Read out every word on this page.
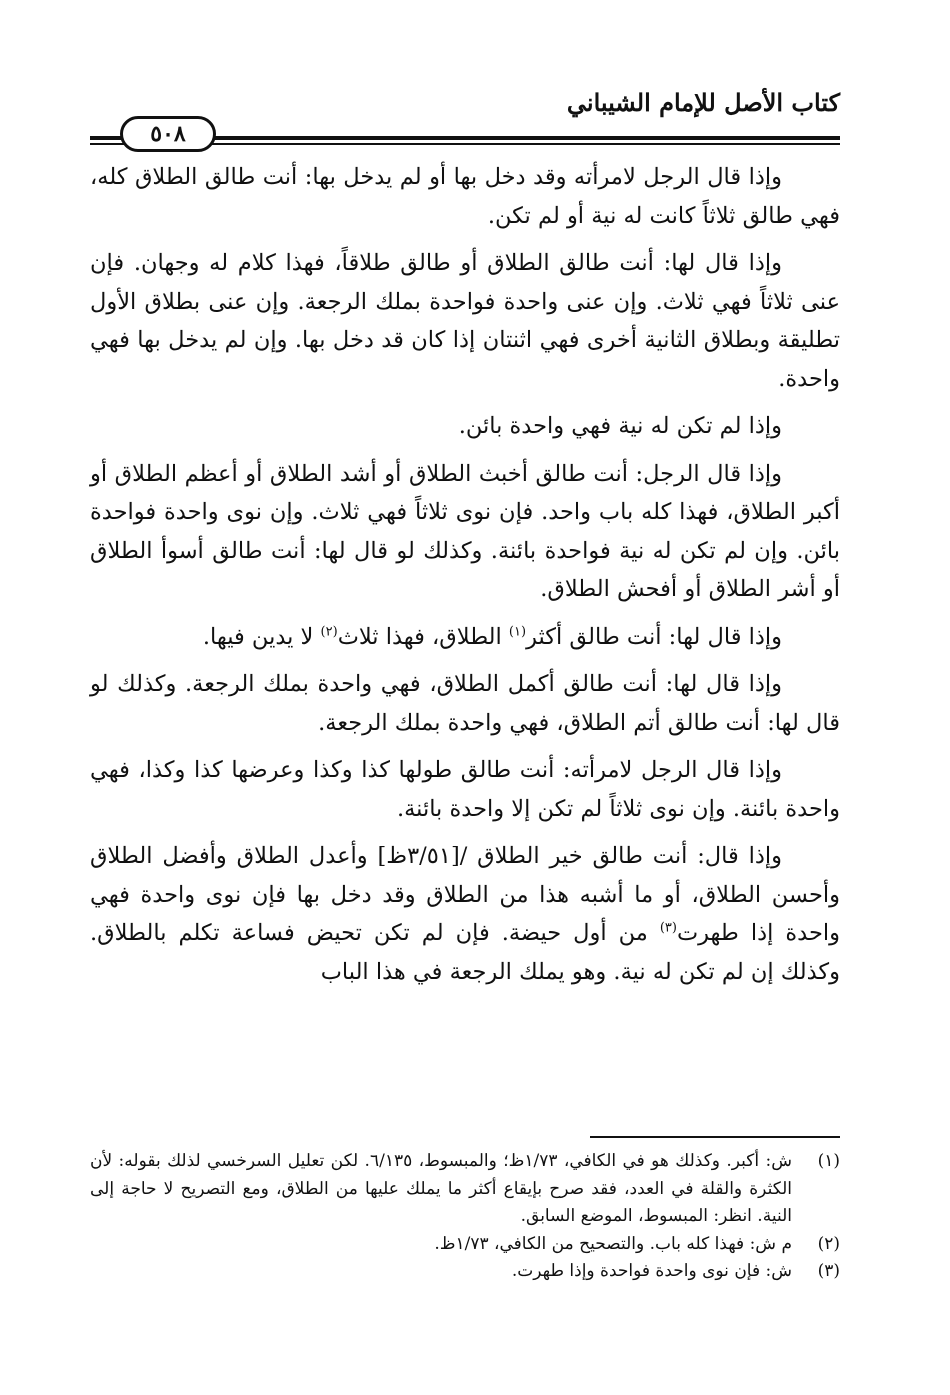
كتاب الأصل للإمام الشيباني
٥٠٨

وإذا قال الرجل لامرأته وقد دخل بها أو لم يدخل بها: أنت طالق الطلاق كله، فهي طالق ثلاثاً كانت له نية أو لم تكن.

وإذا قال لها: أنت طالق الطلاق أو طالق طلاقاً، فهذا كلام له وجهان. فإن عنى ثلاثاً فهي ثلاث. وإن عنى واحدة فواحدة بملك الرجعة. وإن عنى بطلاق الأول تطليقة وبطلاق الثانية أخرى فهي اثنتان إذا كان قد دخل بها. وإن لم يدخل بها فهي واحدة.

وإذا لم تكن له نية فهي واحدة بائن.

وإذا قال الرجل: أنت طالق أخبث الطلاق أو أشد الطلاق أو أعظم الطلاق أو أكبر الطلاق، فهذا كله باب واحد. فإن نوى ثلاثاً فهي ثلاث. وإن نوى واحدة فواحدة بائن. وإن لم تكن له نية فواحدة بائنة. وكذلك لو قال لها: أنت طالق أسوأ الطلاق أو أشر الطلاق أو أفحش الطلاق.

وإذا قال لها: أنت طالق أكثر$^{(١)}$ الطلاق، فهذا ثلاث$^{(٢)}$ لا يدين فيها.

وإذا قال لها: أنت طالق أكمل الطلاق، فهي واحدة بملك الرجعة. وكذلك لو قال لها: أنت طالق أتم الطلاق، فهي واحدة بملك الرجعة.

وإذا قال الرجل لامرأته: أنت طالق طولها كذا وكذا وعرضها كذا وكذا، فهي واحدة بائنة. وإن نوى ثلاثاً لم تكن إلا واحدة بائنة.

وإذا قال: أنت طالق خير الطلاق /[٣/٥١ظ] وأعدل الطلاق وأفضل الطلاق وأحسن الطلاق، أو ما أشبه هذا من الطلاق وقد دخل بها فإن نوى واحدة فهي واحدة إذا طهرت$^{(٣)}$ من أول حيضة. فإن لم تكن تحيض فساعة تكلم بالطلاق. وكذلك إن لم تكن له نية. وهو يملك الرجعة في هذا الباب

(١)
ش: أكبر. وكذلك هو في الكافي، ١/٧٣ظ؛ والمبسوط، ٦/١٣٥. لكن تعليل السرخسي لذلك بقوله: لأن الكثرة والقلة في العدد، فقد صرح بإيقاع أكثر ما يملك عليها من الطلاق، ومع التصريح لا حاجة إلى النية. انظر: المبسوط، الموضع السابق.
(٢)
م ش: فهذا كله باب. والتصحيح من الكافي، ١/٧٣ظ.
(٣)
ش: فإن نوى واحدة فواحدة وإذا طهرت.
